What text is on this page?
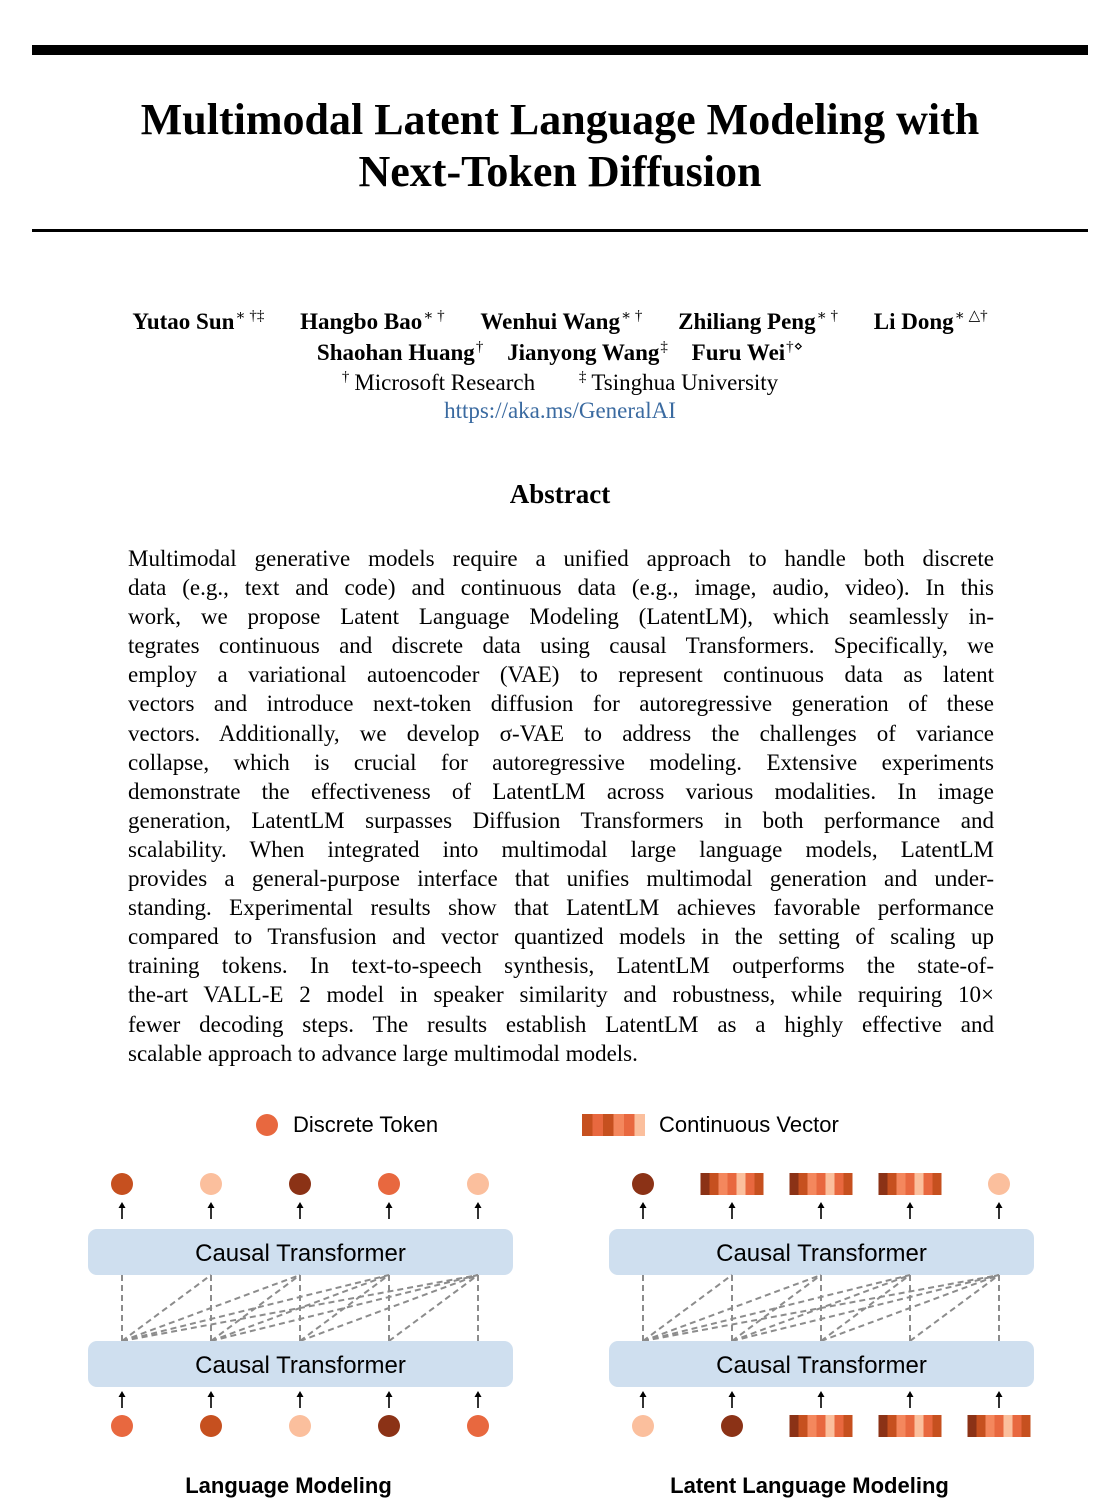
Multimodal Latent Language Modeling with
Next-Token Diffusion
Yutao Sun∗ †‡ Hangbo Bao∗ † Wenhui Wang∗ † Zhiliang Peng∗ † Li Dong∗ △†
Shaohan Huang† Jianyong Wang‡ Furu Wei†⋄
† Microsoft Research	‡ Tsinghua University
https://aka.ms/GeneralAI
Abstract
Multimodal generative models require a unified approach to handle both discrete
data (e.g., text and code) and continuous data (e.g., image, audio, video). In this
work, we propose Latent Language Modeling (LatentLM), which seamlessly in-
tegrates continuous and discrete data using causal Transformers. Specifically, we
employ a variational autoencoder (VAE) to represent continuous data as latent
vectors and introduce next-token diffusion for autoregressive generation of these
vectors. Additionally, we develop σ-VAE to address the challenges of variance
collapse, which is crucial for autoregressive modeling. Extensive experiments
demonstrate the effectiveness of LatentLM across various modalities. In image
generation, LatentLM surpasses Diffusion Transformers in both performance and
scalability. When integrated into multimodal large language models, LatentLM
provides a general-purpose interface that unifies multimodal generation and under-
standing. Experimental results show that LatentLM achieves favorable performance
compared to Transfusion and vector quantized models in the setting of scaling up
training tokens. In text-to-speech synthesis, LatentLM outperforms the state-of-
the-art VALL-E 2 model in speaker similarity and robustness, while requiring 10×
fewer decoding steps. The results establish LatentLM as a highly effective and
scalable approach to advance large multimodal models.
Discrete Token	Continuous Vector
Causal Transformer
Causal Transformer
Language Modeling
Causal Transformer
Causal Transformer
Latent Language Modeling
